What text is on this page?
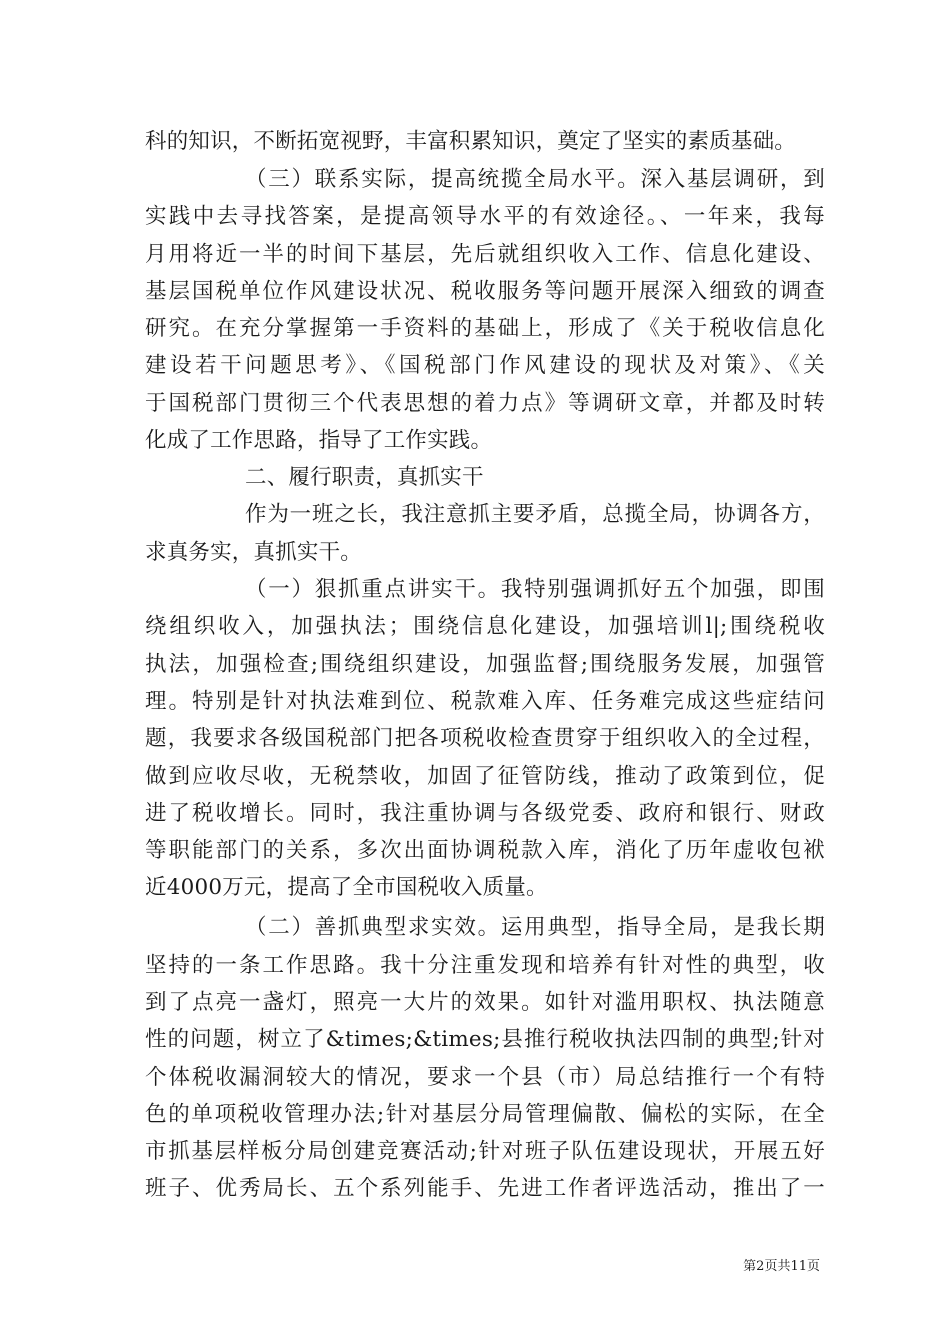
科的知识，不断拓宽视野，丰富积累知识，奠定了坚实的素质基础。
（三）联系实际，提高统揽全局水平。深入基层调研，到
实践中去寻找答案，是提高领导水平的有效途径。、一年来，我每
月用将近一半的时间下基层，先后就组织收入工作、信息化建设、
基层国税单位作风建设状况、税收服务等问题开展深入细致的调查
研究。在充分掌握第一手资料的基础上，形成了《关于税收信息化
建设若干问题思考》、《国税部门作风建设的现状及对策》、《关
于国税部门贯彻三个代表思想的着力点》等调研文章，并都及时转
化成了工作思路，指导了工作实践。
二、履行职责，真抓实干
作为一班之长，我注意抓主要矛盾，总揽全局，协调各方，
求真务实，真抓实干。
（一）狠抓重点讲实干。我特别强调抓好五个加强，即围
绕组织收入，加强执法；围绕信息化建设，加强培训l|;围绕税收
执法，加强检查;围绕组织建设，加强监督;围绕服务发展，加强管
理。特别是针对执法难到位、税款难入库、任务难完成这些症结问
题，我要求各级国税部门把各项税收检查贯穿于组织收入的全过程，
做到应收尽收，无税禁收，加固了征管防线，推动了政策到位，促
进了税收增长。同时，我注重协调与各级党委、政府和银行、财政
等职能部门的关系，多次出面协调税款入库，消化了历年虚收包袱
近4000万元，提高了全市国税收入质量。
（二）善抓典型求实效。运用典型，指导全局，是我长期
坚持的一条工作思路。我十分注重发现和培养有针对性的典型，收
到了点亮一盏灯，照亮一大片的效果。如针对滥用职权、执法随意
性的问题，树立了&times;&times;县推行税收执法四制的典型;针对
个体税收漏洞较大的情况，要求一个县（市）局总结推行一个有特
色的单项税收管理办法;针对基层分局管理偏散、偏松的实际，在全
市抓基层样板分局创建竞赛活动;针对班子队伍建设现状，开展五好
班子、优秀局长、五个系列能手、先进工作者评选活动，推出了一
第2页共11页
